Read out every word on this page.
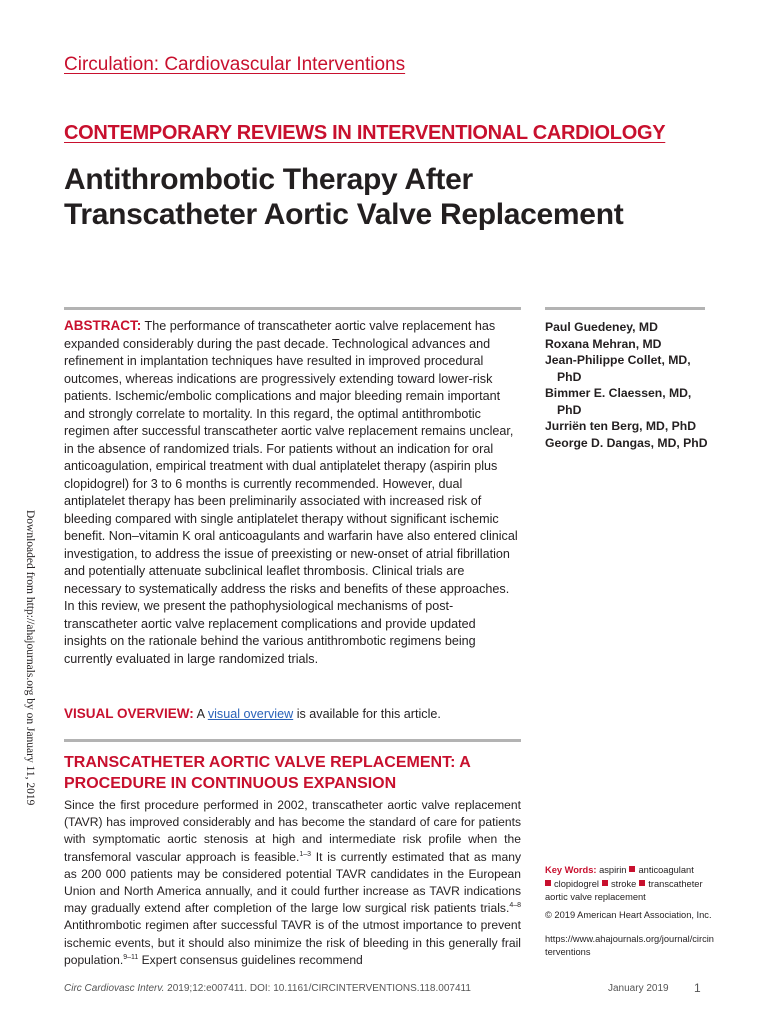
Circulation: Cardiovascular Interventions
CONTEMPORARY REVIEWS IN INTERVENTIONAL CARDIOLOGY
Antithrombotic Therapy After
Transcatheter Aortic Valve Replacement
ABSTRACT: The performance of transcatheter aortic valve replacement has expanded considerably during the past decade. Technological advances and refinement in implantation techniques have resulted in improved procedural outcomes, whereas indications are progressively extending toward lower-risk patients. Ischemic/embolic complications and major bleeding remain important and strongly correlate to mortality. In this regard, the optimal antithrombotic regimen after successful transcatheter aortic valve replacement remains unclear, in the absence of randomized trials. For patients without an indication for oral anticoagulation, empirical treatment with dual antiplatelet therapy (aspirin plus clopidogrel) for 3 to 6 months is currently recommended. However, dual antiplatelet therapy has been preliminarily associated with increased risk of bleeding compared with single antiplatelet therapy without significant ischemic benefit. Non–vitamin K oral anticoagulants and warfarin have also entered clinical investigation, to address the issue of preexisting or new-onset of atrial fibrillation and potentially attenuate subclinical leaflet thrombosis. Clinical trials are necessary to systematically address the risks and benefits of these approaches. In this review, we present the pathophysiological mechanisms of post-transcatheter aortic valve replacement complications and provide updated insights on the rationale behind the various antithrombotic regimens being currently evaluated in large randomized trials.
VISUAL OVERVIEW: A visual overview is available for this article.

Paul Guedeney, MD

Roxana Mehran, MD

Jean-Philippe Collet, MD, PhD

Bimmer E. Claessen, MD, PhD

Jurriën ten Berg, MD, PhD

George D. Dangas, MD, PhD

TRANSCATHETER AORTIC VALVE REPLACEMENT: A PROCEDURE IN CONTINUOUS EXPANSION
Since the first procedure performed in 2002, transcatheter aortic valve replacement (TAVR) has improved considerably and has become the standard of care for patients with symptomatic aortic stenosis at high and intermediate risk profile when the transfemoral vascular approach is feasible.$^{1-3}$ It is currently estimated that as many as 200 000 patients may be considered potential TAVR candidates in the European Union and North America annually, and it could further increase as TAVR indications may gradually extend after completion of the large low surgical risk patients trials.$^{4-8}$ Antithrombotic regimen after successful TAVR is of the utmost importance to prevent ischemic events, but it should also minimize the risk of bleeding in this generally frail population.$^{9-11}$ Expert consensus guidelines recommend
Key Words: aspirin anticoagulant
clopidogrel stroke transcatheter aortic valve replacement
© 2019 American Heart Association, Inc.
https://www.ahajournals.org/journal/circinterventions
Downloaded from http://ahajournals.org by on January 11, 2019
Circ Cardiovasc Interv. 2019;12:e007411. DOI: 10.1161/CIRCINTERVENTIONS.118.007411	January 2019 1
